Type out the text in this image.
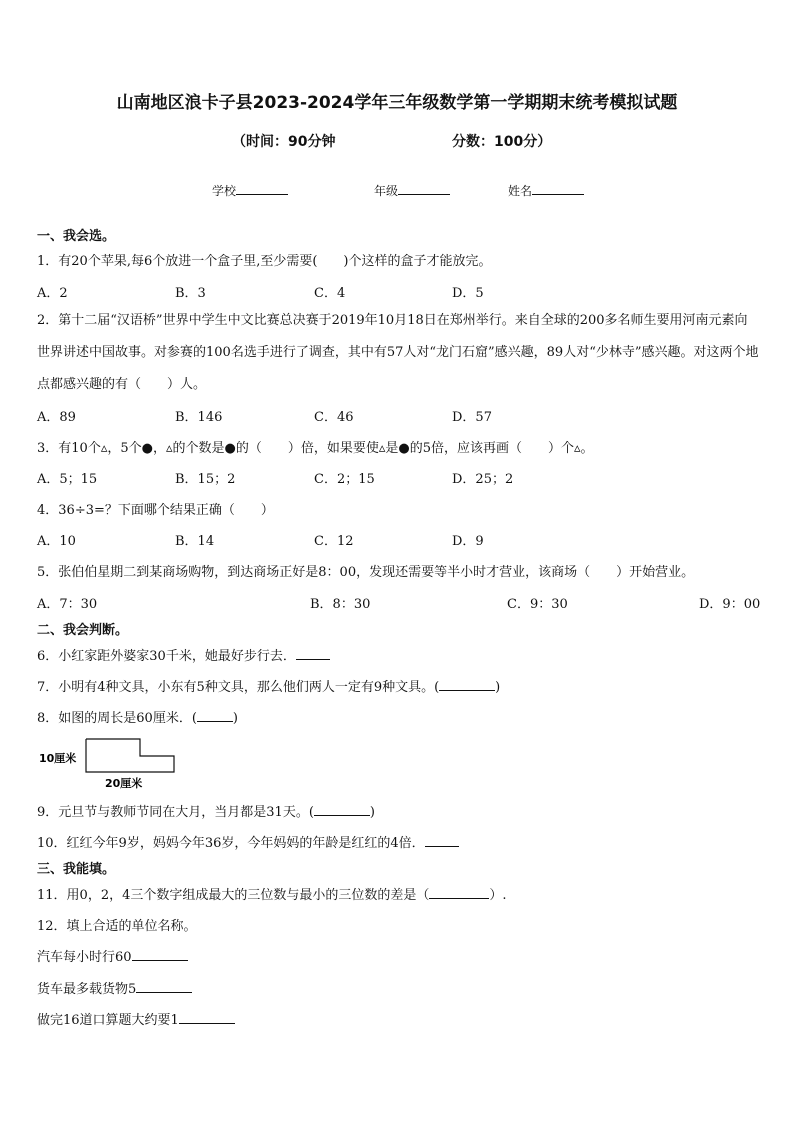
山南地区浪卡子县2023-2024学年三年级数学第一学期期末统考模拟试题
（时间：90分钟	分数：100分）
学校	年级	姓名
一、我会选。
1．有20个苹果,每6个放进一个盒子里,至少需要(　　)个这样的盒子才能放完。
A．2	B．3	C．4	D．5
2．第十二届“汉语桥”世界中学生中文比赛总决赛于2019年10月18日在郑州举行。来自全球的200多名师生要用河南元素向世界讲述中国故事。对参赛的100名选手进行了调查，其中有57人对“龙门石窟”感兴趣，89人对“少林寺”感兴趣。对这两个地点都感兴趣的有（　　）人。
A．89	B．146	C．46	D．57
3．有10个▵，5个●，▵的个数是●的（　　）倍，如果要使▵是●的5倍，应该再画（　　）个▵。
A．5；15	B．15；2	C．2；15	D．25；2
4．36÷3=？下面哪个结果正确（　　）
A．10	B．14	C．12	D．9
5．张伯伯星期二到某商场购物，到达商场正好是8：00，发现还需要等半小时才营业，该商场（　　）开始营业。
A．7：30	B．8：30	C．9：30	D．9：00
二、我会判断。
6．小红家距外婆家30千米，她最好步行去．
7．小明有4种文具，小东有5种文具，那么他们两人一定有9种文具。(	)
8．如图的周长是60厘米．(	)
10厘米
20厘米
9．元旦节与教师节同在大月，当月都是31天。(	)
10．红红今年9岁，妈妈今年36岁，今年妈妈的年龄是红红的4倍．
三、我能填。
11．用0，2，4三个数字组成最大的三位数与最小的三位数的差是（	）.
12．填上合适的单位名称。
汽车每小时行60
货车最多载货物5
做完16道口算题大约要1
